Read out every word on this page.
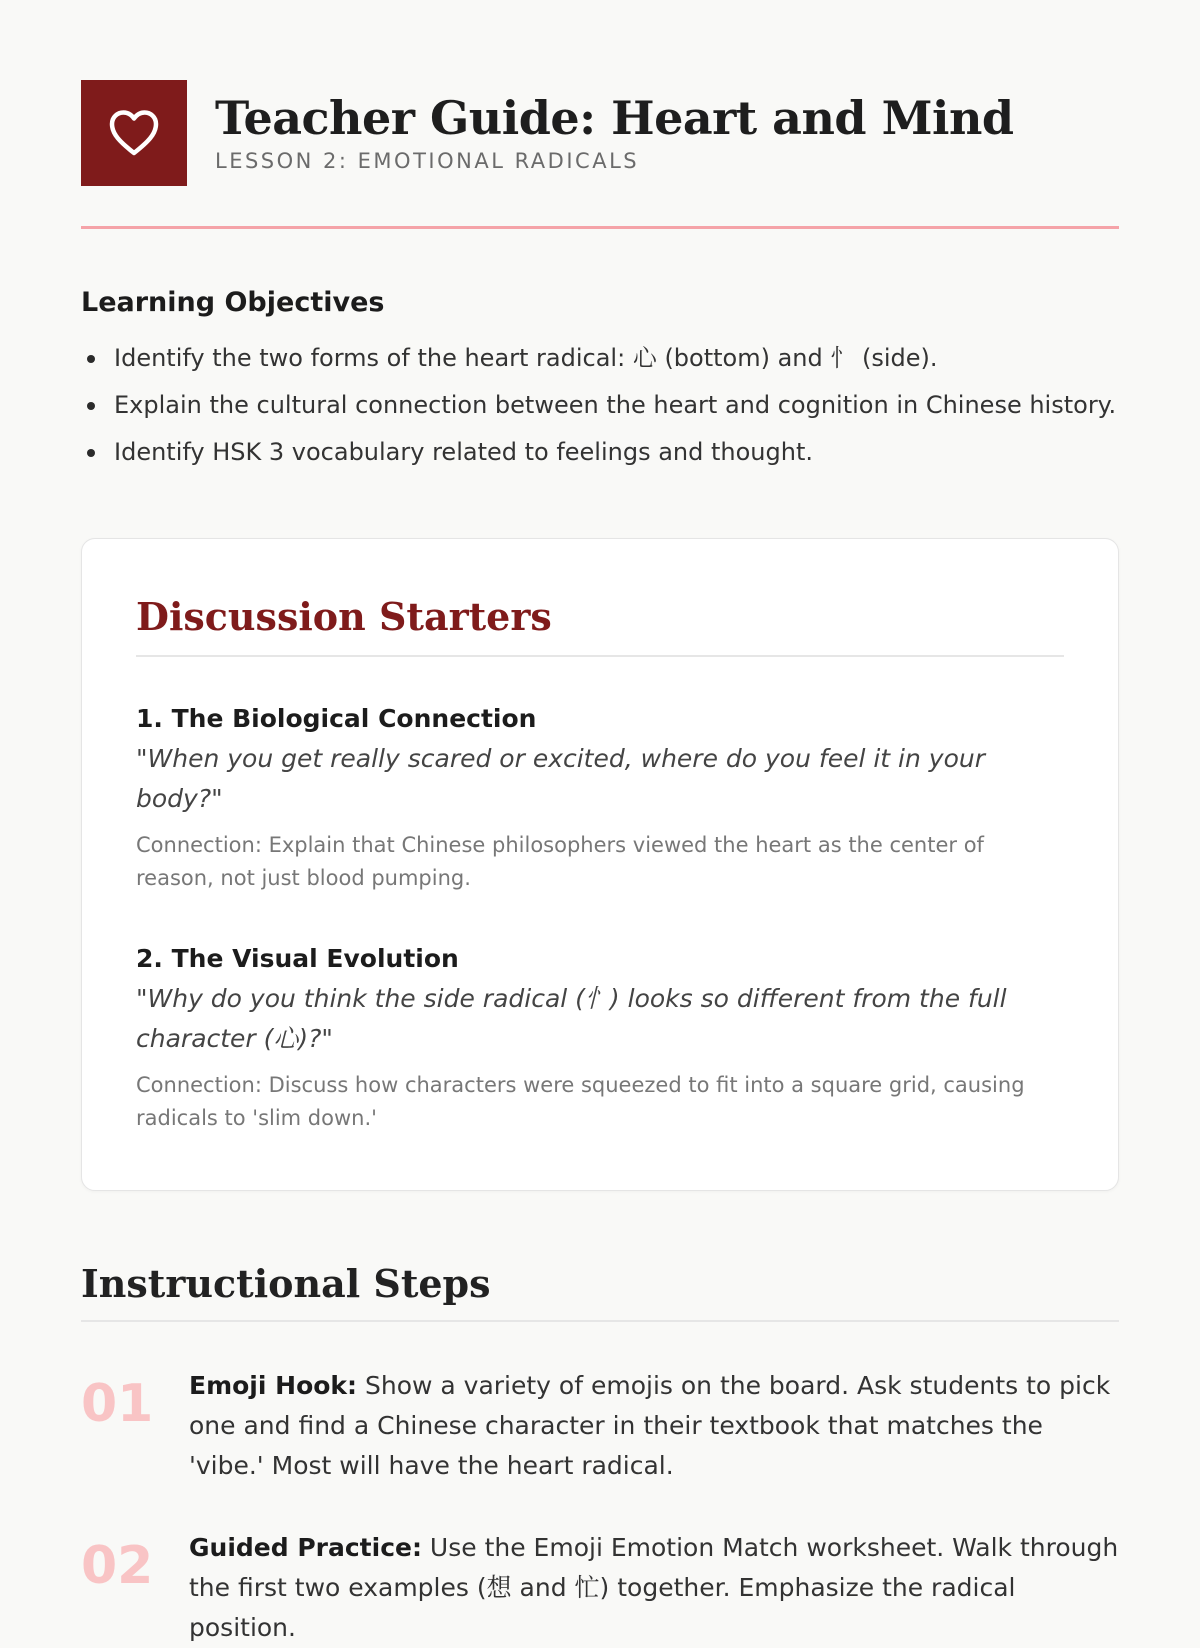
Teacher Guide: Heart and Mind
LESSON 2: EMOTIONAL RADICALS
Learning Objectives
Identify the two forms of the heart radical: 心 (bottom) and 忄 (side).
Explain the cultural connection between the heart and cognition in Chinese history.
Identify HSK 3 vocabulary related to feelings and thought.
Discussion Starters
1. The Biological Connection
"When you get really scared or excited, where do you feel it in your body?"
Connection: Explain that Chinese philosophers viewed the heart as the center of reason, not just blood pumping.
2. The Visual Evolution
"Why do you think the side radical (忄) looks so different from the full character (心)?"
Connection: Discuss how characters were squeezed to fit into a square grid, causing radicals to 'slim down.'
Instructional Steps
01	Emoji Hook: Show a variety of emojis on the board. Ask students to pick one and find a Chinese character in their textbook that matches the 'vibe.' Most will have the heart radical.
02	Guided Practice: Use the Emoji Emotion Match worksheet. Walk through the first two examples (想 and 忙) together. Emphasize the radical position.
